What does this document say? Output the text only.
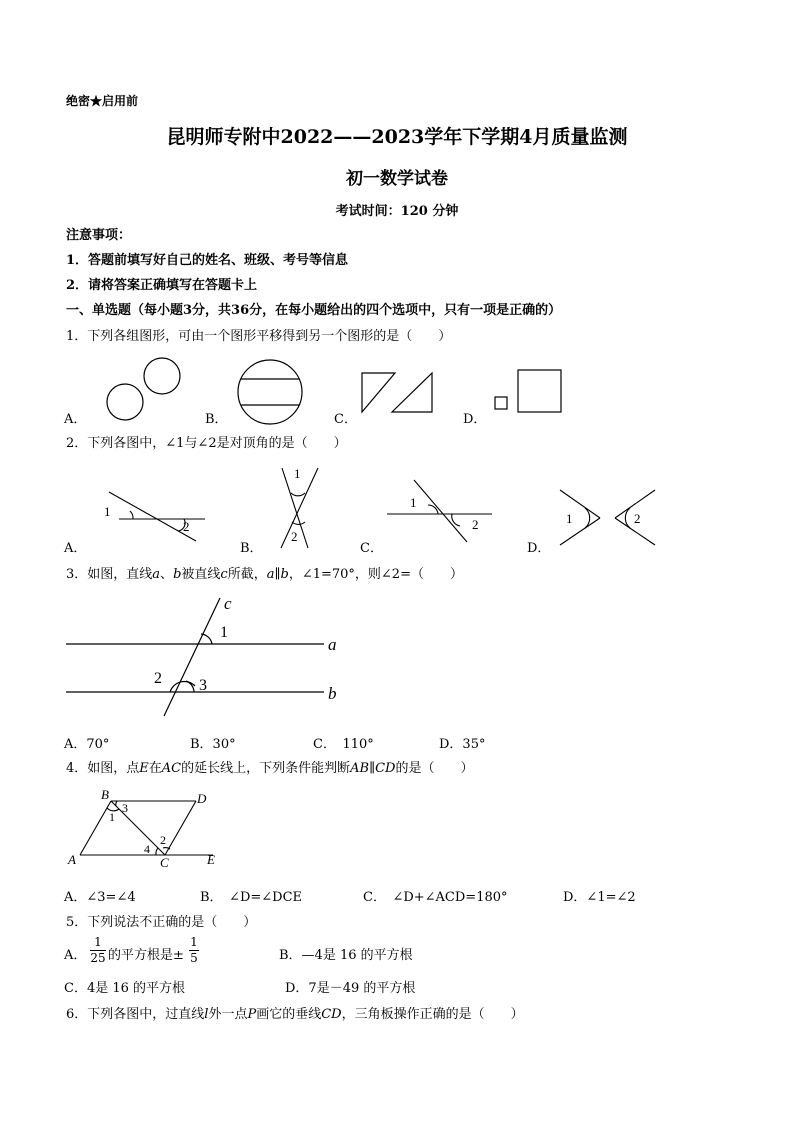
绝密★启用前
昆明师专附中2022——2023学年下学期4月质量监测
初一数学试卷
考试时间：120 分钟
注意事项：
1．答题前填写好自己的姓名、班级、考号等信息
2．请将答案正确填写在答题卡上
一、单选题（每小题3分，共36分，在每小题给出的四个选项中，只有一项是正确的）
1．下列各组图形，可由一个图形平移得到另一个图形的是（　　）
A．	B．	C．	D．
2．下列各图中，∠1与∠2是对顶角的是（　　）
A．	B．	C．	D．
1
2
1
2
1
2	1	2
3．如图，直线a、b被直线c所截，a∥b，∠1=70°，则∠2=（　　）
c
a
b
1
2 3
A．70°	B．30°	C．　110°	D．35°
4．如图，点E在AC的延长线上，下列条件能判断AB∥CD的是（　　）
B	D
A	C	E
1
3
2
4
A．∠3=∠4	B．　∠D=∠DCE	C．　∠D+∠ACD=180°	D．∠1=∠2
5．下列说法不正确的是（　　）
A．
1
25 的平方根是±
1
5	B．—4是 16 的平方根
C．4是 16 的平方根	D．7是－49 的平方根
6．下列各图中，过直线l外一点P画它的垂线CD，三角板操作正确的是（　　）
